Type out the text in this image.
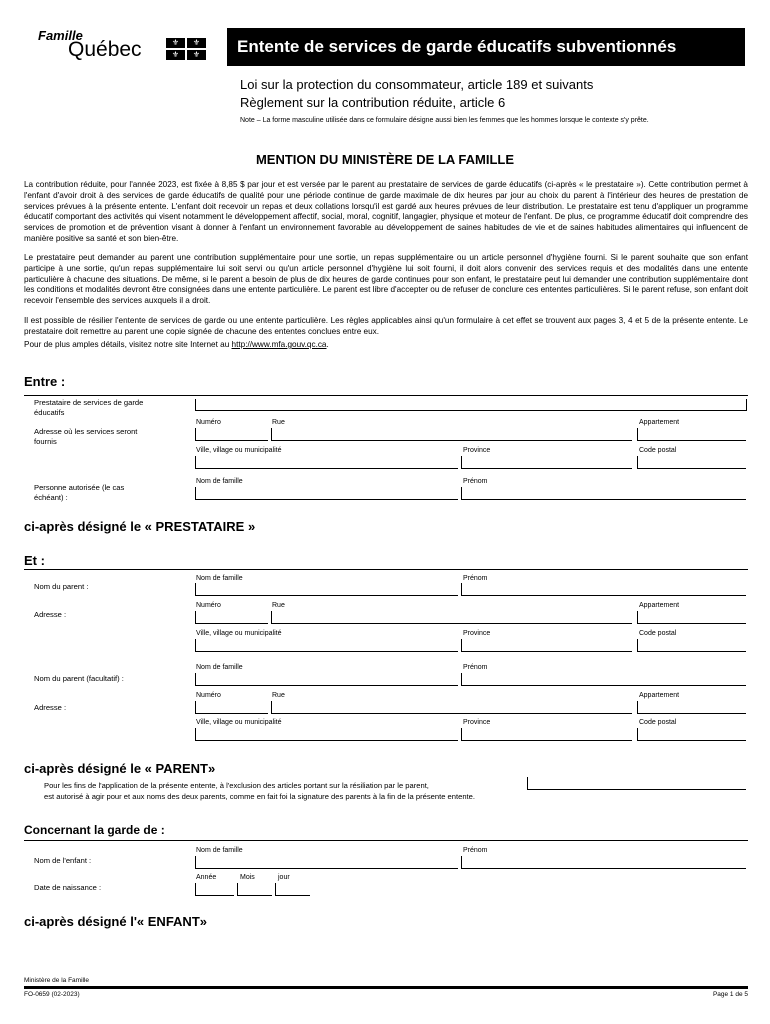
Famille
Québec	⚜	⚜
⚜	⚜	Entente de services de garde éducatifs subventionnés
Loi sur la protection du consommateur, article 189 et suivants
Règlement sur la contribution réduite, article 6
Note – La forme masculine utilisée dans ce formulaire désigne aussi bien les femmes que les hommes lorsque le contexte s'y prête.
MENTION DU MINISTÈRE DE LA FAMILLE

La contribution réduite, pour l'année 2023, est fixée à 8,85 $ par jour et est versée par le parent au prestataire de services de garde éducatifs (ci-après « le prestataire »). Cette contribution permet à l'enfant d'avoir droit à des services de garde éducatifs de qualité pour une période continue de garde maximale de dix heures par jour au choix du parent à l'intérieur des heures de prestation de services prévues à la présente entente. L'enfant doit recevoir un repas et deux collations lorsqu'il est gardé aux heures prévues de leur distribution. Le prestataire est tenu d'appliquer un programme éducatif comportant des activités qui visent notamment le développement affectif, social, moral, cognitif, langagier, physique et moteur de l'enfant. De plus, ce programme éducatif doit comprendre des services de promotion et de prévention visant à donner à l'enfant un environnement favorable au développement de saines habitudes de vie et de saines habitudes alimentaires qui influencent de manière positive sa santé et son bien-être.

Le prestataire peut demander au parent une contribution supplémentaire pour une sortie, un repas supplémentaire ou un article personnel d'hygiène fourni. Si le parent souhaite que son enfant participe à une sortie, qu'un repas supplémentaire lui soit servi ou qu'un article personnel d'hygiène lui soit fourni, il doit alors convenir des services requis et des modalités dans une entente particulière à chacune des situations. De même, si le parent a besoin de plus de dix heures de garde continues pour son enfant, le prestataire peut lui demander une contribution supplémentaire dont les conditions et modalités devront être consignées dans une entente particulière. Le parent est libre d'accepter ou de refuser de conclure ces ententes particulières. Si le parent refuse, son enfant doit recevoir l'ensemble des services auxquels il a droit.

Il est possible de résilier l'entente de services de garde ou une entente particulière. Les règles applicables ainsi qu'un formulaire à cet effet se trouvent aux pages 3, 4 et 5 de la présente entente. Le prestataire doit remettre au parent une copie signée de chacune des ententes conclues entre eux.

Pour de plus amples détails, visitez notre site Internet au http://www.mfa.gouv.qc.ca.

Entre :
Prestataire de services de garde éducatifs
Adresse où les services seront fournis
Numéro	Rue	Appartement
Ville, village ou municipalité	Province	Code postal
Personne autorisée (le cas échéant) :
Nom de famille	Prénom
ci-après désigné le « PRESTATAIRE »
Et :
Nom du parent :
Nom de famille	Prénom
Adresse :
Numéro	Rue	Appartement
Ville, village ou municipalité	Province	Code postal
Nom du parent (facultatif) :
Nom de famille	Prénom
Adresse :
Numéro	Rue	Appartement
Ville, village ou municipalité	Province	Code postal
ci-après désigné le « PARENT»
Pour les fins de l'application de la présente entente, à l'exclusion des articles portant sur la résiliation par le parent,
est autorisé à agir pour et aux noms des deux parents, comme en fait foi la signature des parents à la fin de la présente entente.
Concernant la garde de :
Nom de l'enfant :
Nom de famille	Prénom
Date de naissance :
Année	Mois	jour
ci-après désigné l'« ENFANT»
Ministère de la Famille
FO-0659 (02-2023)	Page 1 de 5
